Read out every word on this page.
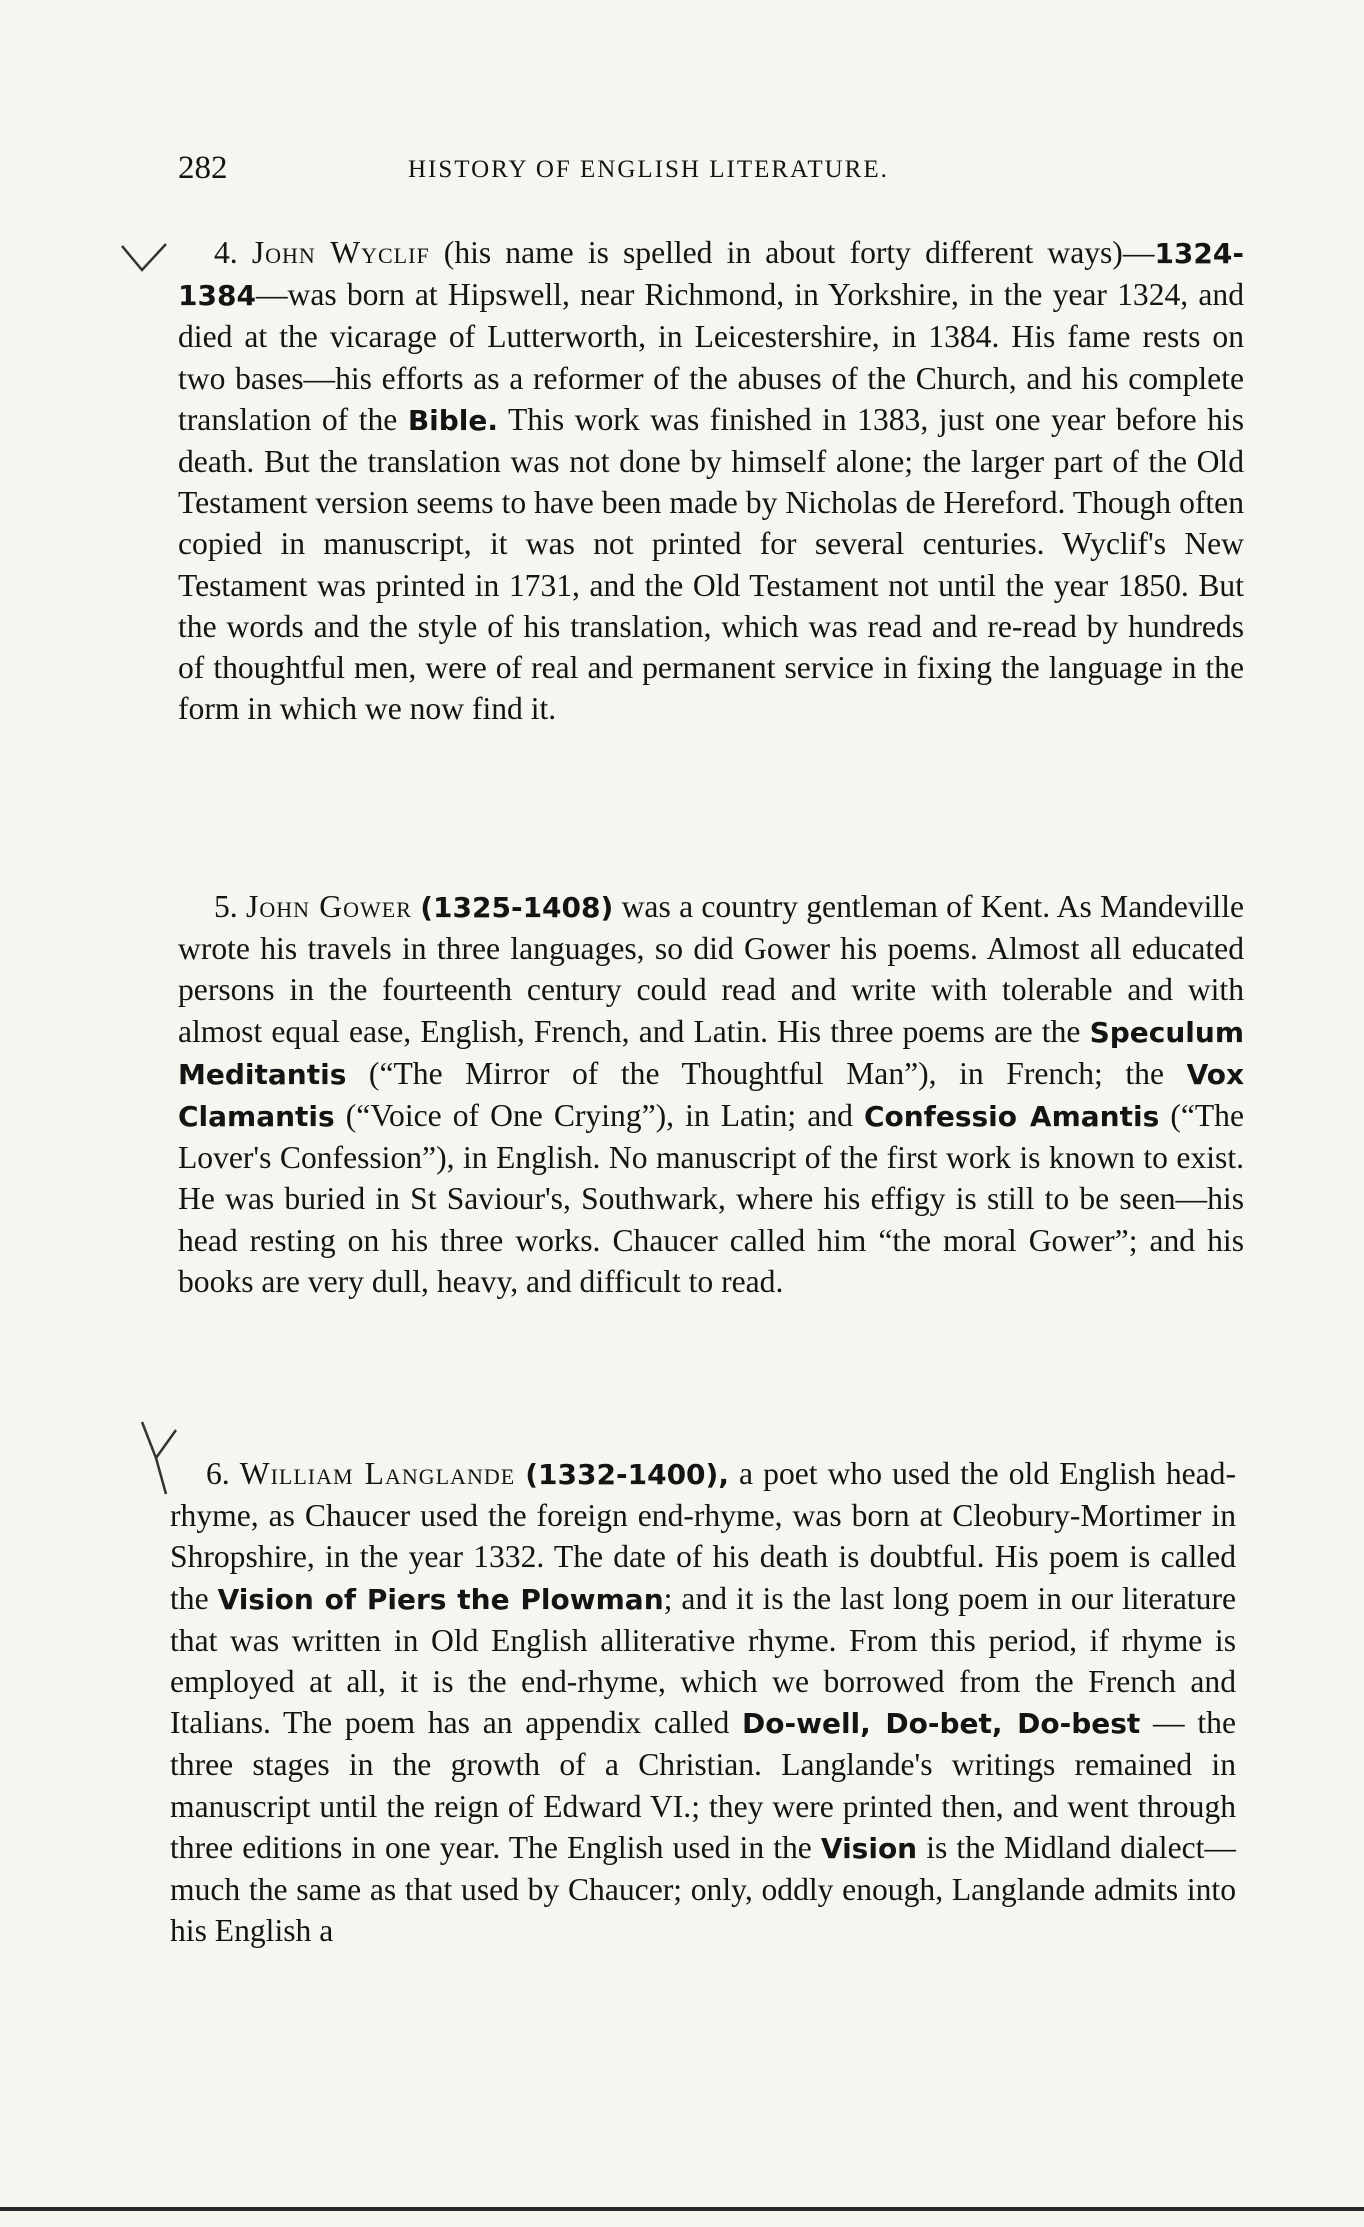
282	HISTORY OF ENGLISH LITERATURE.

4. John Wyclif (his name is spelled in about forty different ways)—1324-1384—was born at Hipswell, near Richmond, in Yorkshire, in the year 1324, and died at the vicarage of Lutterworth, in Leicestershire, in 1384. His fame rests on two bases—his efforts as a reformer of the abuses of the Church, and his complete translation of the Bible. This work was finished in 1383, just one year before his death. But the translation was not done by himself alone; the larger part of the Old Testament version seems to have been made by Nicholas de Hereford. Though often copied in manuscript, it was not printed for several centuries. Wyclif's New Testament was printed in 1731, and the Old Testament not until the year 1850. But the words and the style of his translation, which was read and re-read by hundreds of thoughtful men, were of real and permanent service in fixing the language in the form in which we now find it.

5. John Gower (1325-1408) was a country gentleman of Kent. As Mandeville wrote his travels in three languages, so did Gower his poems. Almost all educated persons in the fourteenth century could read and write with tolerable and with almost equal ease, English, French, and Latin. His three poems are the Speculum Meditantis (“The Mirror of the Thoughtful Man”), in French; the Vox Clamantis (“Voice of One Crying”), in Latin; and Confessio Amantis (“The Lover's Confession”), in English. No manuscript of the first work is known to exist. He was buried in St Saviour's, Southwark, where his effigy is still to be seen—his head resting on his three works. Chaucer called him “the moral Gower”; and his books are very dull, heavy, and difficult to read.

6. William Langlande (1332-1400), a poet who used the old English head-rhyme, as Chaucer used the foreign end-rhyme, was born at Cleobury-Mortimer in Shropshire, in the year 1332. The date of his death is doubtful. His poem is called the Vision of Piers the Plowman; and it is the last long poem in our literature that was written in Old English alliterative rhyme. From this period, if rhyme is employed at all, it is the end-rhyme, which we borrowed from the French and Italians. The poem has an appendix called Do-well, Do-bet, Do-best — the three stages in the growth of a Christian. Langlande's writings remained in manuscript until the reign of Edward VI.; they were printed then, and went through three editions in one year. The English used in the Vision is the Midland dialect—much the same as that used by Chaucer; only, oddly enough, Langlande admits into his English a
